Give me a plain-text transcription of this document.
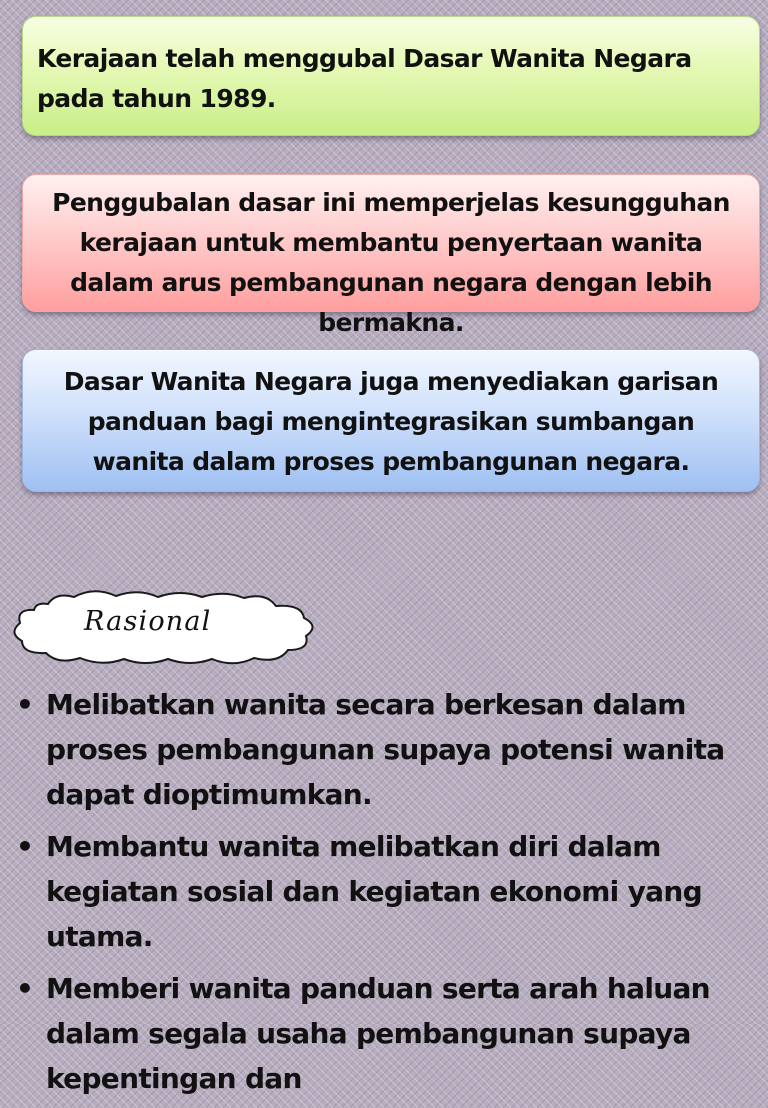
Kerajaan telah menggubal Dasar Wanita Negara pada tahun 1989.
Penggubalan dasar ini memperjelas kesungguhan kerajaan untuk membantu penyertaan wanita dalam arus pembangunan negara dengan lebih bermakna.
Dasar Wanita Negara juga menyediakan garisan panduan bagi mengintegrasikan sumbangan wanita dalam proses pembangunan negara.
Rasional
• Melibatkan wanita secara berkesan dalam proses pembangunan supaya potensi wanita dapat dioptimumkan.
• Membantu wanita melibatkan diri dalam kegiatan sosial dan kegiatan ekonomi yang utama.
• Memberi wanita panduan serta arah haluan dalam segala usaha pembangunan supaya kepentingan dan
